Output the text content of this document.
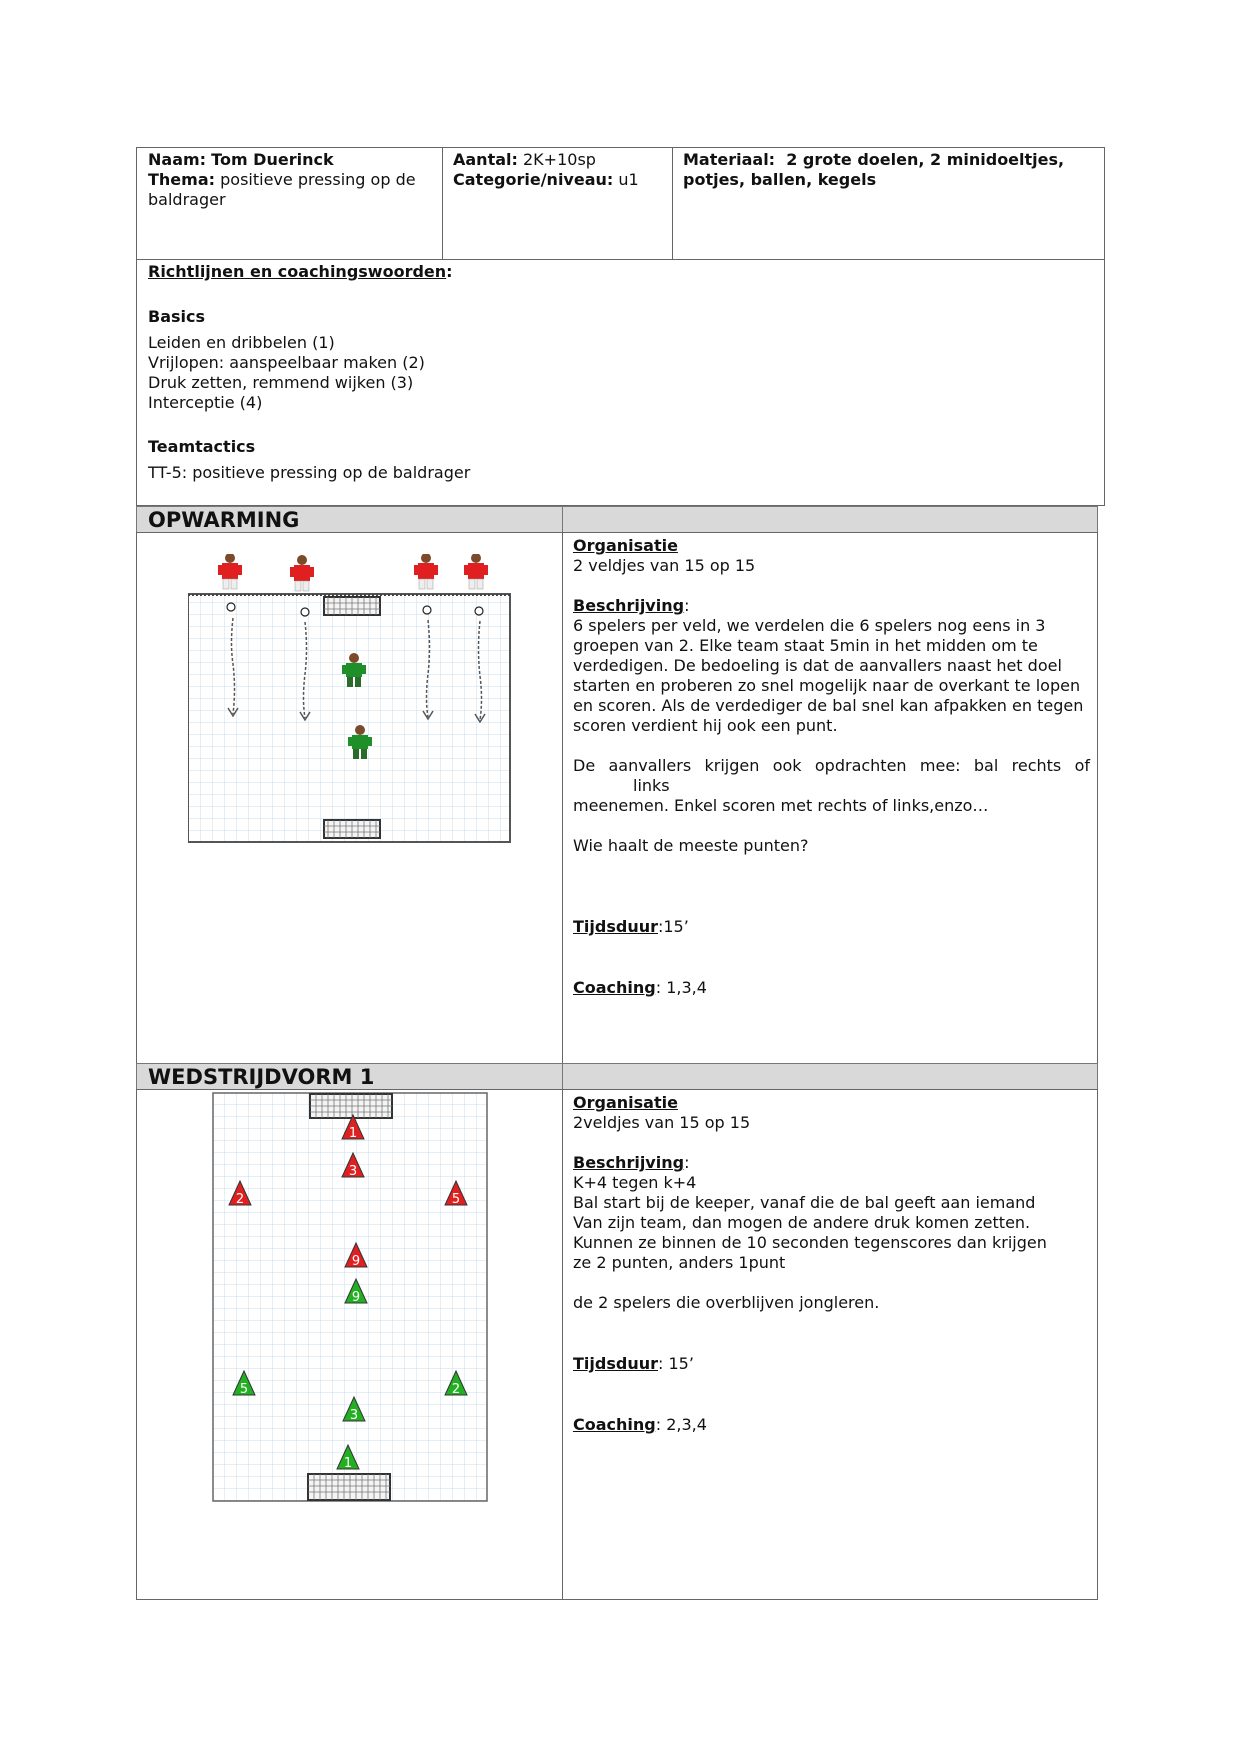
Naam: Tom Duerinck

Thema: positieve pressing op de baldrager

Aantal: 2K+10sp

Categorie/niveau: u1

Materiaal: 2 grote doelen, 2 minidoeltjes, potjes, ballen, kegels

Richtlijnen en coachingswoorden:

Basics

Leiden en dribbelen (1)

Vrijlopen: aanspeelbaar maken (2)

Druk zetten, remmend wijken (3)

Interceptie (4)

Teamtactics

TT-5: positieve pressing op de baldrager

OPWARMING

Organisatie

2 veldjes van 15 op 15

Beschrijving:

6 spelers per veld, we verdelen die 6 spelers nog eens in 3 groepen van 2. Elke team staat 5min in het midden om te verdedigen. De bedoeling is dat de aanvallers naast het doel starten en proberen zo snel mogelijk naar de overkant te lopen en scoren. Als de verdediger de bal snel kan afpakken en tegen scoren verdient hij ook een punt.

De aanvallers krijgen ook opdrachten mee: bal rechts of

links

meenemen. Enkel scoren met rechts of links,enzo…

Wie haalt de meeste punten?

Tijdsduur:15’

Coaching: 1,3,4

WEDSTRIJDVORM 1
1
3
2	5
9
9
5	2
3
1

Organisatie

2veldjes van 15 op 15

Beschrijving:

K+4 tegen k+4

Bal start bij de keeper, vanaf die de bal geeft aan iemand

Van zijn team, dan mogen de andere druk komen zetten.

Kunnen ze binnen de 10 seconden tegenscores dan krijgen

ze 2 punten, anders 1punt

de 2 spelers die overblijven jongleren.

Tijdsduur: 15’

Coaching: 2,3,4
